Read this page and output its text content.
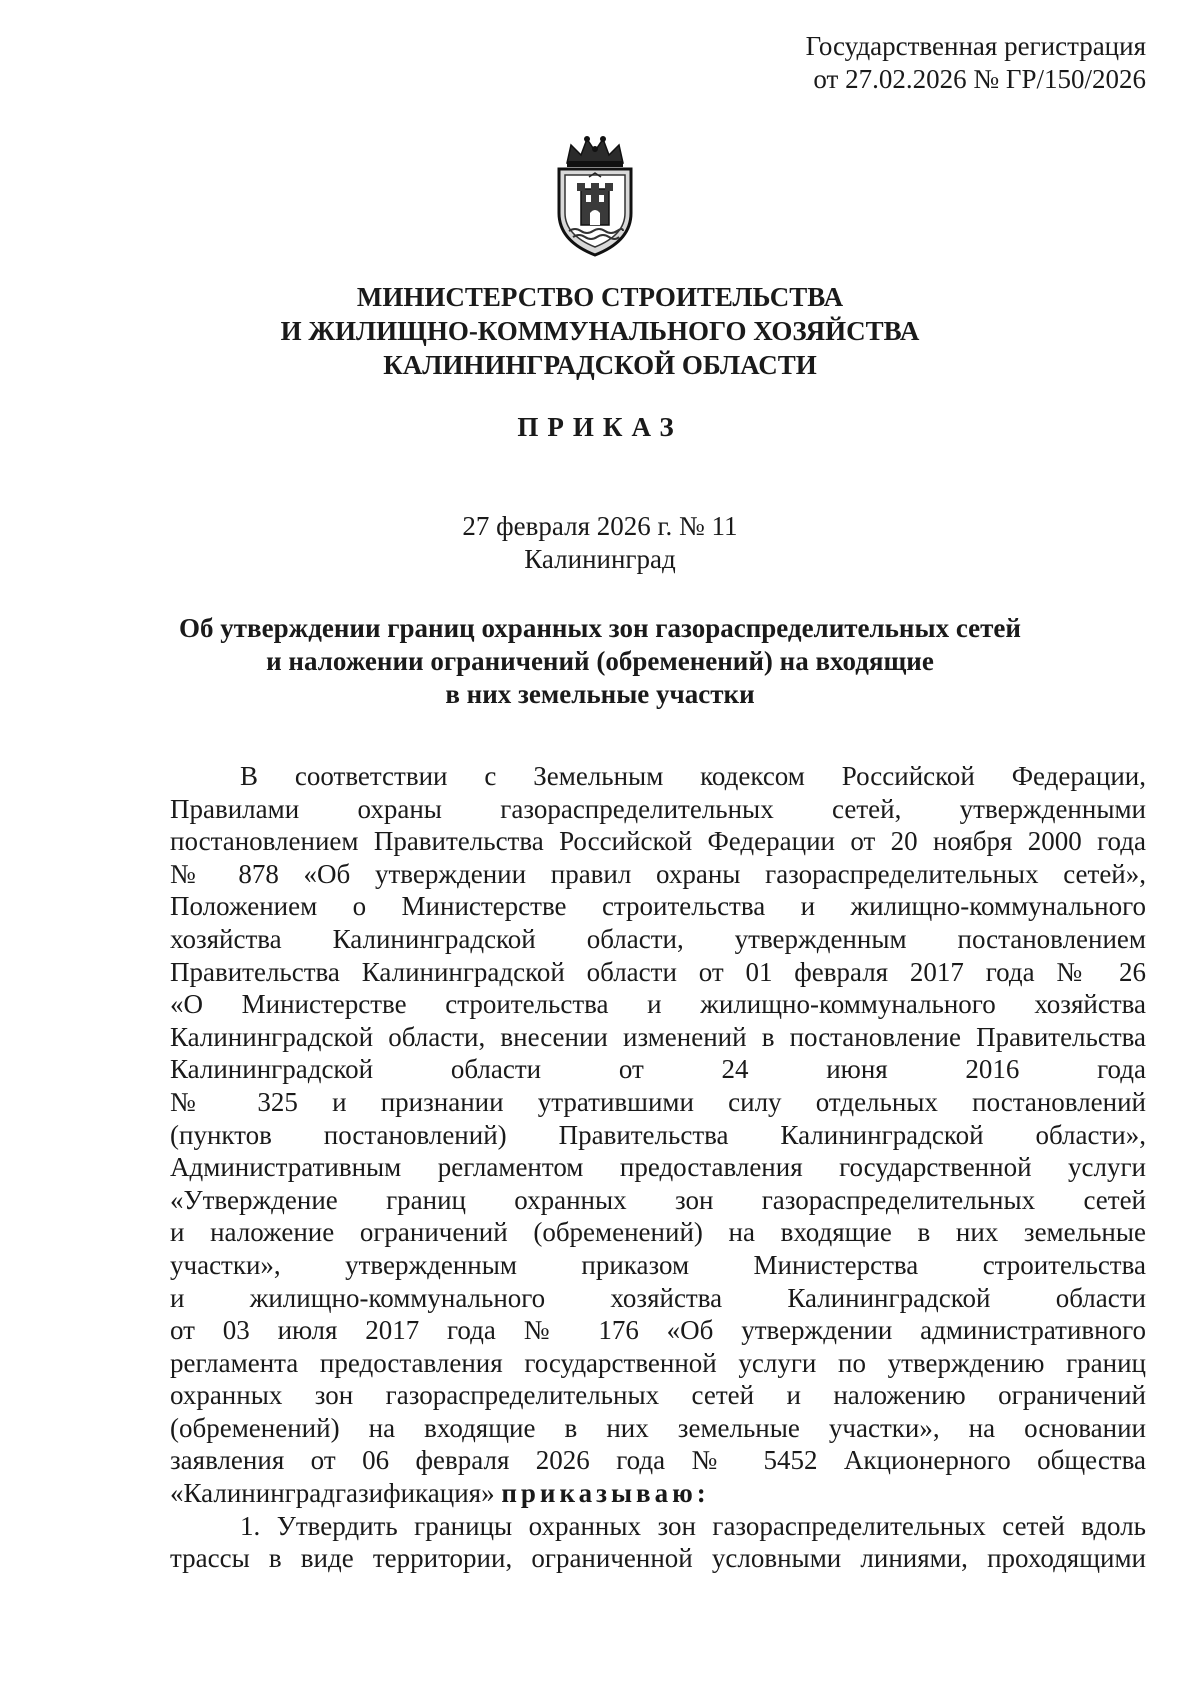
Государственная регистрация
от 27.02.2026 № ГР/150/2026
МИНИСТЕРСТВО СТРОИТЕЛЬСТВА
И ЖИЛИЩНО-КОММУНАЛЬНОГО ХОЗЯЙСТВА
КАЛИНИНГРАДСКОЙ ОБЛАСТИ
ПРИКАЗ
27 февраля 2026 г. № 11
Калининград
Об утверждении границ охранных зон газораспределительных сетей
и наложении ограничений (обременений) на входящие
в них земельные участки
В соответствии с Земельным кодексом Российской Федерации,
Правилами охраны газораспределительных сетей, утвержденными
постановлением Правительства Российской Федерации от 20 ноября 2000 года
№ 878 «Об утверждении правил охраны газораспределительных сетей»,
Положением о Министерстве строительства и жилищно-коммунального
хозяйства Калининградской области, утвержденным постановлением
Правительства Калининградской области от 01 февраля 2017 года № 26
«О Министерстве строительства и жилищно-коммунального хозяйства
Калининградской области, внесении изменений в постановление Правительства
Калининградской области от 24 июня 2016 года
№ 325 и признании утратившими силу отдельных постановлений
(пунктов постановлений) Правительства Калининградской области»,
Административным регламентом предоставления государственной услуги
«Утверждение границ охранных зон газораспределительных сетей
и наложение ограничений (обременений) на входящие в них земельные
участки», утвержденным приказом Министерства строительства
и жилищно-коммунального хозяйства Калининградской области
от 03 июля 2017 года № 176 «Об утверждении административного
регламента предоставления государственной услуги по утверждению границ
охранных зон газораспределительных сетей и наложению ограничений
(обременений) на входящие в них земельные участки», на основании
заявления от 06 февраля 2026 года № 5452 Акционерного общества
«Калининградгазификация» приказываю:
1. Утвердить границы охранных зон газораспределительных сетей вдоль
трассы в виде территории, ограниченной условными линиями, проходящими
